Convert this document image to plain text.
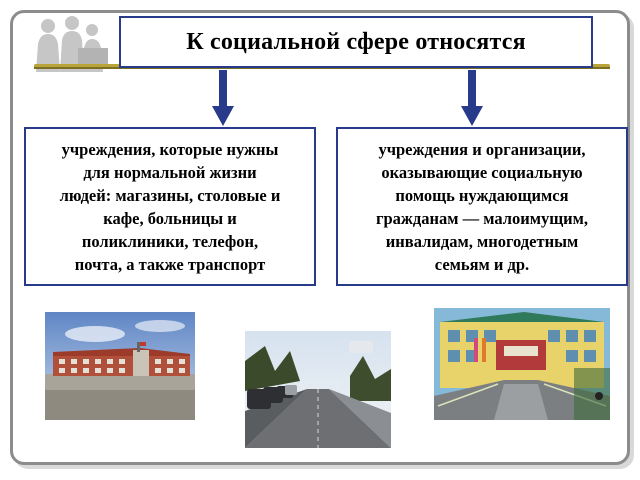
К социальной сфере относятся

учреждения, которые нужны
для нормальной жизни
людей: магазины, столовые и
кафе, больницы и
поликлиники, телефон,
почта, а также транспорт

учреждения и организации,
оказывающие социальную
помощь нуждающимся
гражданам — малоимущим,
инвалидам, многодетным
семьям и др.
